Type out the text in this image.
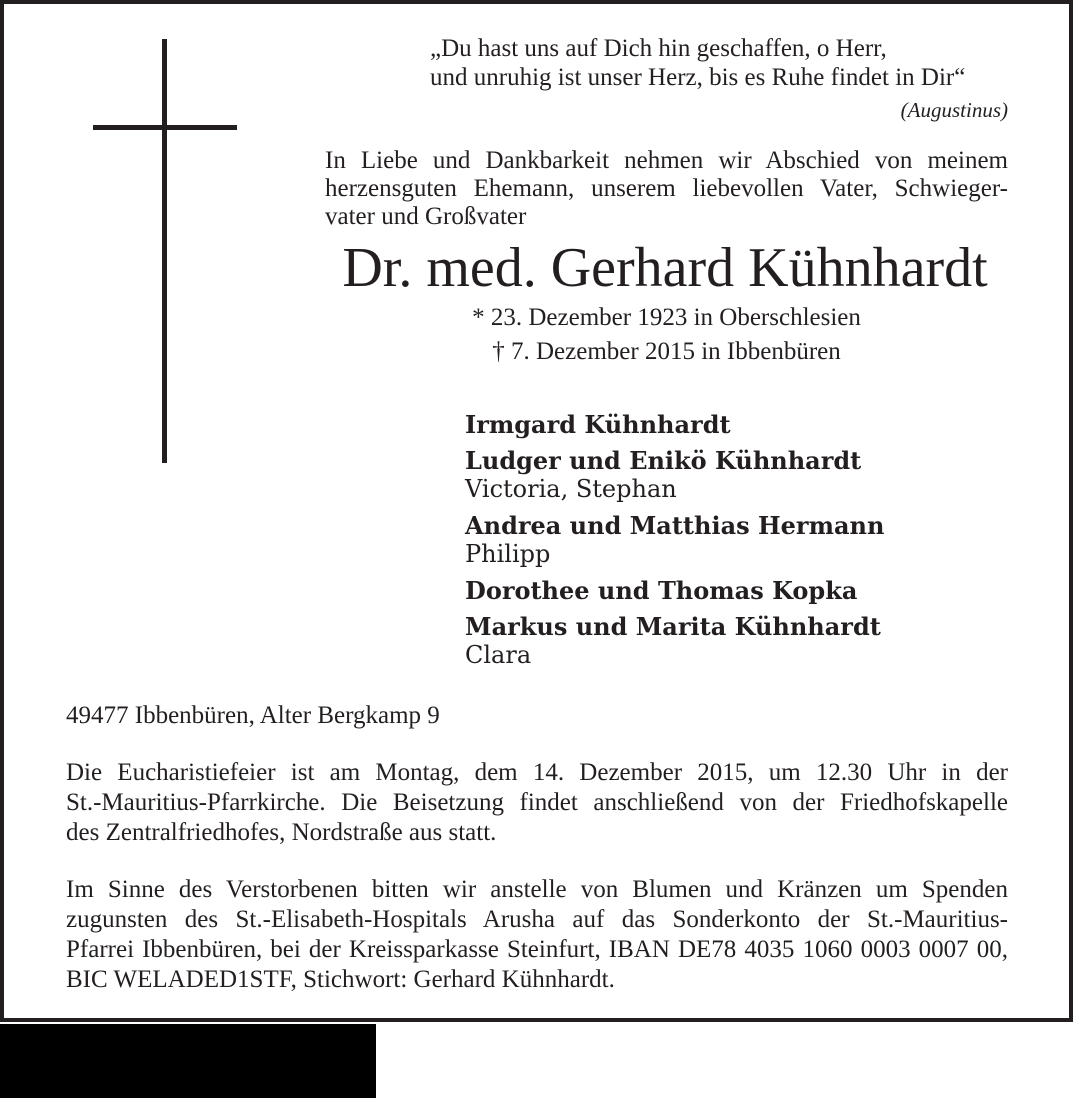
„Du hast uns auf Dich hin geschaffen, o Herr,
und unruhig ist unser Herz, bis es Ruhe findet in Dir“
(Augustinus)
In Liebe und Dankbarkeit nehmen wir Abschied von meinem
herzensguten Ehemann, unserem liebevollen Vater, Schwieger-
vater und Großvater
Dr. med. Gerhard Kühnhardt
* 23. Dezember 1923 in Oberschlesien
† 7. Dezember 2015 in Ibbenbüren
Irmgard Kühnhardt
Ludger und Enikö Kühnhardt
Victoria, Stephan
Andrea und Matthias Hermann
Philipp
Dorothee und Thomas Kopka
Markus und Marita Kühnhardt
Clara
49477 Ibbenbüren, Alter Bergkamp 9
Die Eucharistiefeier ist am Montag, dem 14. Dezember 2015, um 12.30 Uhr in der
St.-Mauritius-Pfarrkirche. Die Beisetzung findet anschließend von der Friedhofskapelle
des Zentralfriedhofes, Nordstraße aus statt.
Im Sinne des Verstorbenen bitten wir anstelle von Blumen und Kränzen um Spenden
zugunsten des St.-Elisabeth-Hospitals Arusha auf das Sonderkonto der St.-Mauritius-
Pfarrei Ibbenbüren, bei der Kreissparkasse Steinfurt, IBAN DE78 4035 1060 0003 0007 00,
BIC WELADED1STF, Stichwort: Gerhard Kühnhardt.
